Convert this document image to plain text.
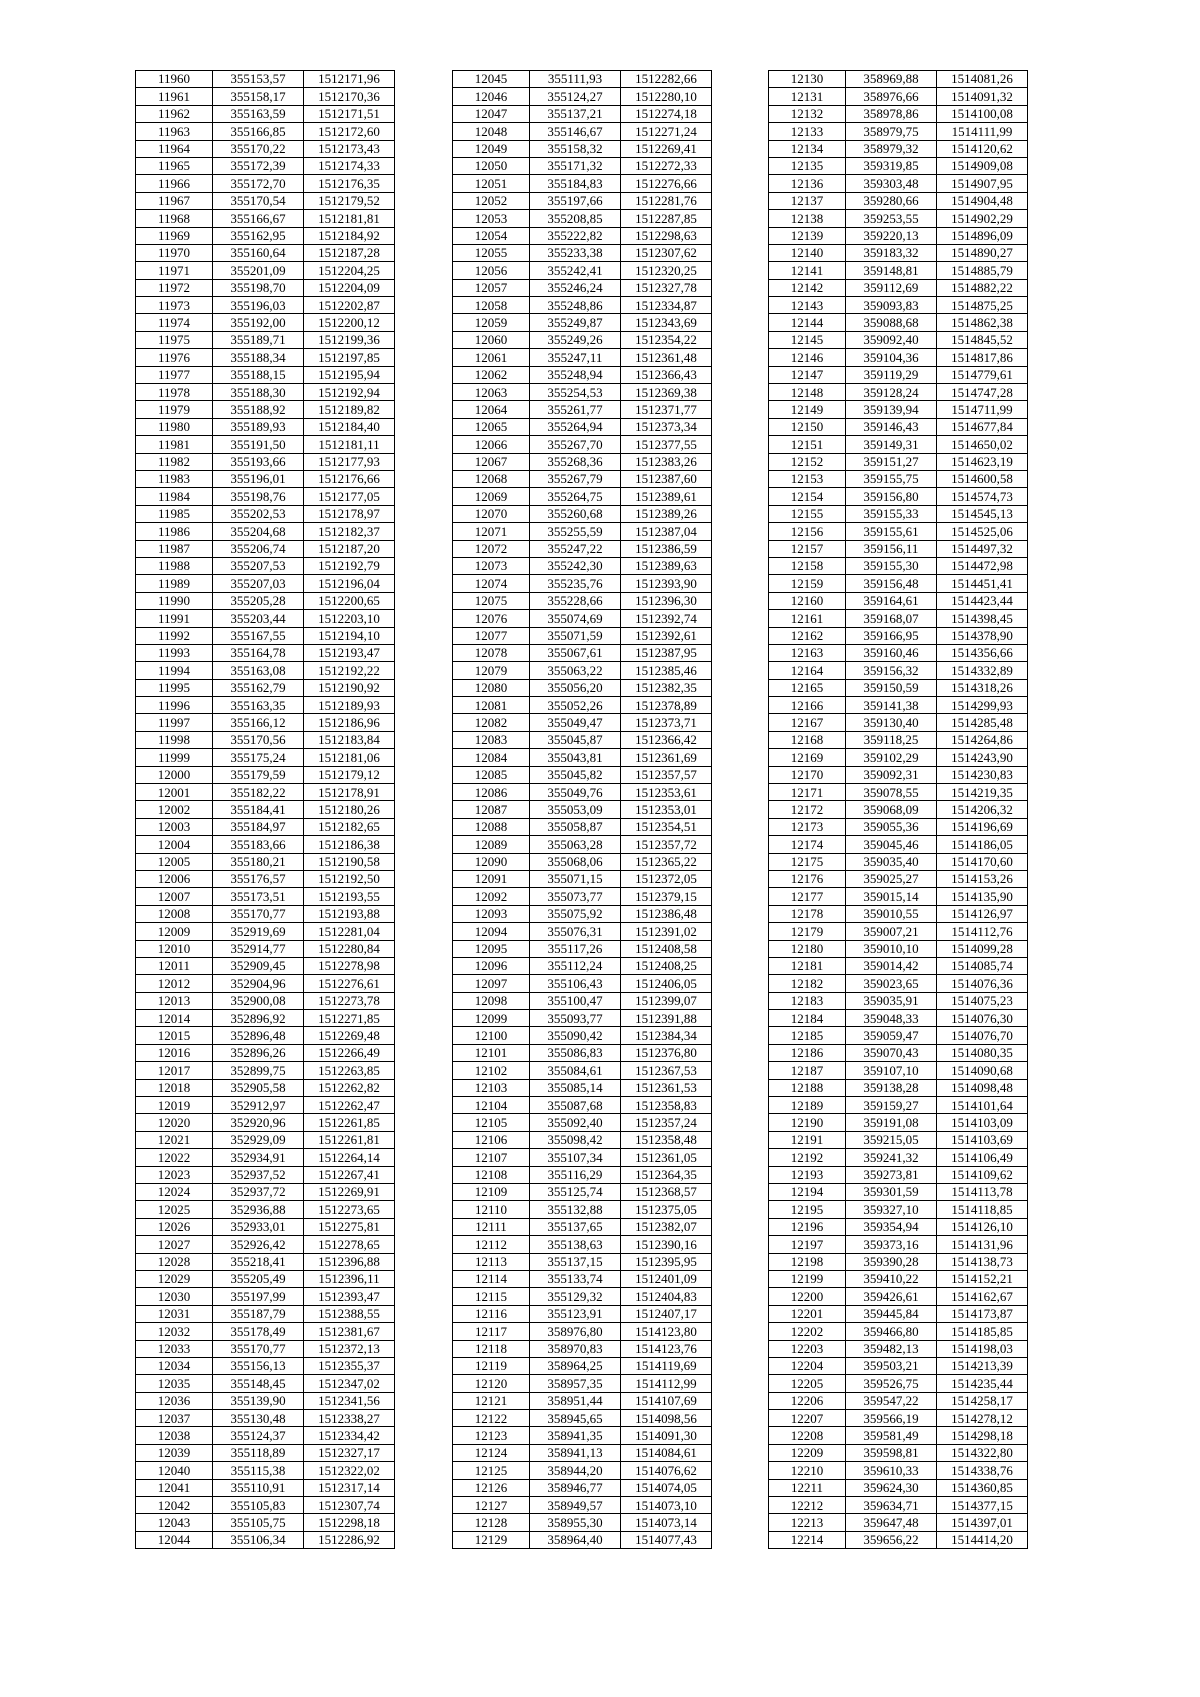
11960	355153,57	1512171,96
11961	355158,17	1512170,36
11962	355163,59	1512171,51
11963	355166,85	1512172,60
11964	355170,22	1512173,43
11965	355172,39	1512174,33
11966	355172,70	1512176,35
11967	355170,54	1512179,52
11968	355166,67	1512181,81
11969	355162,95	1512184,92
11970	355160,64	1512187,28
11971	355201,09	1512204,25
11972	355198,70	1512204,09
11973	355196,03	1512202,87
11974	355192,00	1512200,12
11975	355189,71	1512199,36
11976	355188,34	1512197,85
11977	355188,15	1512195,94
11978	355188,30	1512192,94
11979	355188,92	1512189,82
11980	355189,93	1512184,40
11981	355191,50	1512181,11
11982	355193,66	1512177,93
11983	355196,01	1512176,66
11984	355198,76	1512177,05
11985	355202,53	1512178,97
11986	355204,68	1512182,37
11987	355206,74	1512187,20
11988	355207,53	1512192,79
11989	355207,03	1512196,04
11990	355205,28	1512200,65
11991	355203,44	1512203,10
11992	355167,55	1512194,10
11993	355164,78	1512193,47
11994	355163,08	1512192,22
11995	355162,79	1512190,92
11996	355163,35	1512189,93
11997	355166,12	1512186,96
11998	355170,56	1512183,84
11999	355175,24	1512181,06
12000	355179,59	1512179,12
12001	355182,22	1512178,91
12002	355184,41	1512180,26
12003	355184,97	1512182,65
12004	355183,66	1512186,38
12005	355180,21	1512190,58
12006	355176,57	1512192,50
12007	355173,51	1512193,55
12008	355170,77	1512193,88
12009	352919,69	1512281,04
12010	352914,77	1512280,84
12011	352909,45	1512278,98
12012	352904,96	1512276,61
12013	352900,08	1512273,78
12014	352896,92	1512271,85
12015	352896,48	1512269,48
12016	352896,26	1512266,49
12017	352899,75	1512263,85
12018	352905,58	1512262,82
12019	352912,97	1512262,47
12020	352920,96	1512261,85
12021	352929,09	1512261,81
12022	352934,91	1512264,14
12023	352937,52	1512267,41
12024	352937,72	1512269,91
12025	352936,88	1512273,65
12026	352933,01	1512275,81
12027	352926,42	1512278,65
12028	355218,41	1512396,88
12029	355205,49	1512396,11
12030	355197,99	1512393,47
12031	355187,79	1512388,55
12032	355178,49	1512381,67
12033	355170,77	1512372,13
12034	355156,13	1512355,37
12035	355148,45	1512347,02
12036	355139,90	1512341,56
12037	355130,48	1512338,27
12038	355124,37	1512334,42
12039	355118,89	1512327,17
12040	355115,38	1512322,02
12041	355110,91	1512317,14
12042	355105,83	1512307,74
12043	355105,75	1512298,18
12044	355106,34	1512286,92
12045	355111,93	1512282,66
12046	355124,27	1512280,10
12047	355137,21	1512274,18
12048	355146,67	1512271,24
12049	355158,32	1512269,41
12050	355171,32	1512272,33
12051	355184,83	1512276,66
12052	355197,66	1512281,76
12053	355208,85	1512287,85
12054	355222,82	1512298,63
12055	355233,38	1512307,62
12056	355242,41	1512320,25
12057	355246,24	1512327,78
12058	355248,86	1512334,87
12059	355249,87	1512343,69
12060	355249,26	1512354,22
12061	355247,11	1512361,48
12062	355248,94	1512366,43
12063	355254,53	1512369,38
12064	355261,77	1512371,77
12065	355264,94	1512373,34
12066	355267,70	1512377,55
12067	355268,36	1512383,26
12068	355267,79	1512387,60
12069	355264,75	1512389,61
12070	355260,68	1512389,26
12071	355255,59	1512387,04
12072	355247,22	1512386,59
12073	355242,30	1512389,63
12074	355235,76	1512393,90
12075	355228,66	1512396,30
12076	355074,69	1512392,74
12077	355071,59	1512392,61
12078	355067,61	1512387,95
12079	355063,22	1512385,46
12080	355056,20	1512382,35
12081	355052,26	1512378,89
12082	355049,47	1512373,71
12083	355045,87	1512366,42
12084	355043,81	1512361,69
12085	355045,82	1512357,57
12086	355049,76	1512353,61
12087	355053,09	1512353,01
12088	355058,87	1512354,51
12089	355063,28	1512357,72
12090	355068,06	1512365,22
12091	355071,15	1512372,05
12092	355073,77	1512379,15
12093	355075,92	1512386,48
12094	355076,31	1512391,02
12095	355117,26	1512408,58
12096	355112,24	1512408,25
12097	355106,43	1512406,05
12098	355100,47	1512399,07
12099	355093,77	1512391,88
12100	355090,42	1512384,34
12101	355086,83	1512376,80
12102	355084,61	1512367,53
12103	355085,14	1512361,53
12104	355087,68	1512358,83
12105	355092,40	1512357,24
12106	355098,42	1512358,48
12107	355107,34	1512361,05
12108	355116,29	1512364,35
12109	355125,74	1512368,57
12110	355132,88	1512375,05
12111	355137,65	1512382,07
12112	355138,63	1512390,16
12113	355137,15	1512395,95
12114	355133,74	1512401,09
12115	355129,32	1512404,83
12116	355123,91	1512407,17
12117	358976,80	1514123,80
12118	358970,83	1514123,76
12119	358964,25	1514119,69
12120	358957,35	1514112,99
12121	358951,44	1514107,69
12122	358945,65	1514098,56
12123	358941,35	1514091,30
12124	358941,13	1514084,61
12125	358944,20	1514076,62
12126	358946,77	1514074,05
12127	358949,57	1514073,10
12128	358955,30	1514073,14
12129	358964,40	1514077,43
12130	358969,88	1514081,26
12131	358976,66	1514091,32
12132	358978,86	1514100,08
12133	358979,75	1514111,99
12134	358979,32	1514120,62
12135	359319,85	1514909,08
12136	359303,48	1514907,95
12137	359280,66	1514904,48
12138	359253,55	1514902,29
12139	359220,13	1514896,09
12140	359183,32	1514890,27
12141	359148,81	1514885,79
12142	359112,69	1514882,22
12143	359093,83	1514875,25
12144	359088,68	1514862,38
12145	359092,40	1514845,52
12146	359104,36	1514817,86
12147	359119,29	1514779,61
12148	359128,24	1514747,28
12149	359139,94	1514711,99
12150	359146,43	1514677,84
12151	359149,31	1514650,02
12152	359151,27	1514623,19
12153	359155,75	1514600,58
12154	359156,80	1514574,73
12155	359155,33	1514545,13
12156	359155,61	1514525,06
12157	359156,11	1514497,32
12158	359155,30	1514472,98
12159	359156,48	1514451,41
12160	359164,61	1514423,44
12161	359168,07	1514398,45
12162	359166,95	1514378,90
12163	359160,46	1514356,66
12164	359156,32	1514332,89
12165	359150,59	1514318,26
12166	359141,38	1514299,93
12167	359130,40	1514285,48
12168	359118,25	1514264,86
12169	359102,29	1514243,90
12170	359092,31	1514230,83
12171	359078,55	1514219,35
12172	359068,09	1514206,32
12173	359055,36	1514196,69
12174	359045,46	1514186,05
12175	359035,40	1514170,60
12176	359025,27	1514153,26
12177	359015,14	1514135,90
12178	359010,55	1514126,97
12179	359007,21	1514112,76
12180	359010,10	1514099,28
12181	359014,42	1514085,74
12182	359023,65	1514076,36
12183	359035,91	1514075,23
12184	359048,33	1514076,30
12185	359059,47	1514076,70
12186	359070,43	1514080,35
12187	359107,10	1514090,68
12188	359138,28	1514098,48
12189	359159,27	1514101,64
12190	359191,08	1514103,09
12191	359215,05	1514103,69
12192	359241,32	1514106,49
12193	359273,81	1514109,62
12194	359301,59	1514113,78
12195	359327,10	1514118,85
12196	359354,94	1514126,10
12197	359373,16	1514131,96
12198	359390,28	1514138,73
12199	359410,22	1514152,21
12200	359426,61	1514162,67
12201	359445,84	1514173,87
12202	359466,80	1514185,85
12203	359482,13	1514198,03
12204	359503,21	1514213,39
12205	359526,75	1514235,44
12206	359547,22	1514258,17
12207	359566,19	1514278,12
12208	359581,49	1514298,18
12209	359598,81	1514322,80
12210	359610,33	1514338,76
12211	359624,30	1514360,85
12212	359634,71	1514377,15
12213	359647,48	1514397,01
12214	359656,22	1514414,20
